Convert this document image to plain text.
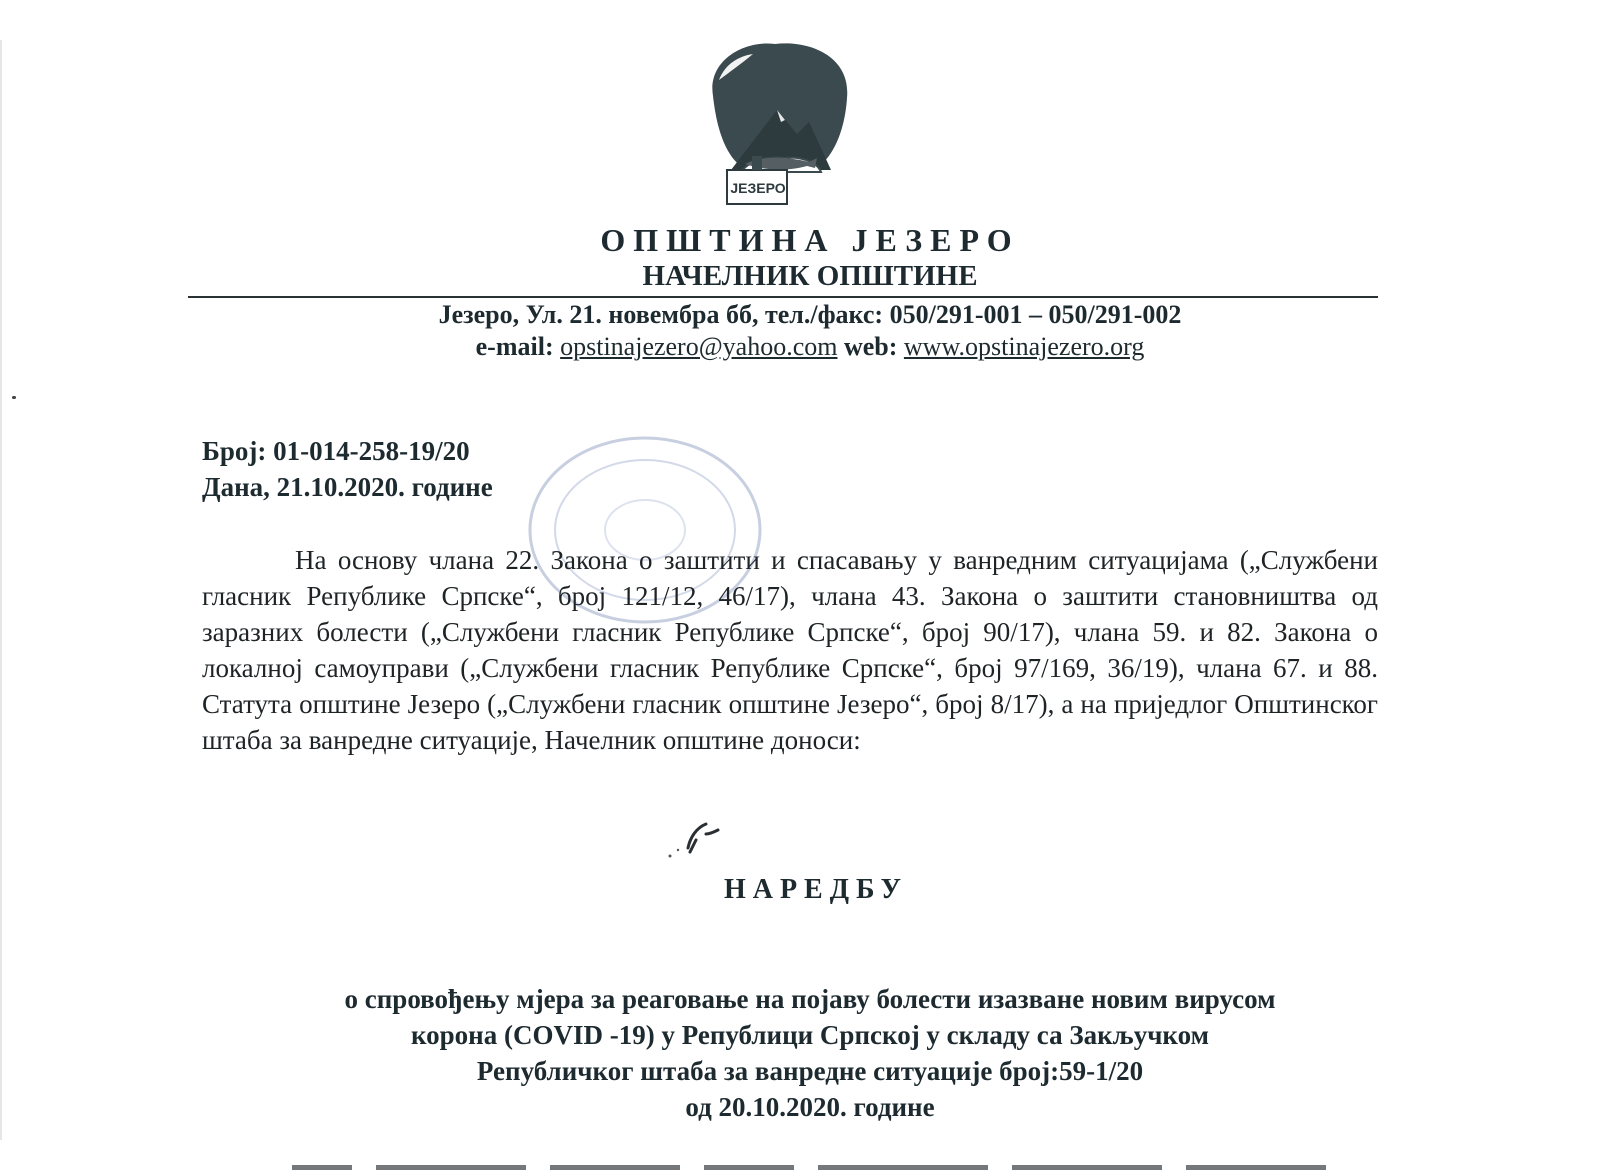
ЈЕЗЕРО
ОПШТИНА ЈЕЗЕРО
НАЧЕЛНИК ОПШТИНЕ
Језеро, Ул. 21. новембра бб, тел./факс: 050/291-001 – 050/291-002
e-mail: opstinajezero@yahoo.com web: www.opstinajezero.org
Број: 01-014-258-19/20
Дана, 21.10.2020. године

На основу члана 22. Закона о заштити и спасавању у ванредним ситуацијама („Службени гласник Републике Српске“, број 121/12, 46/17), члана 43. Закона о заштити становништва од заразних болести („Службени гласник Републике Српске“, број 90/17), члана 59. и 82. Закона о локалној самоуправи („Службени гласник Републике Српске“, број 97/169, 36/19), члана 67. и 88. Статута општине Језеро („Службени гласник општине Језеро“, број 8/17), а на приједлог Општинског штаба за ванредне ситуације, Начелник општине доноси:

НАРЕДБУ
о спровођењу мјера за реаговање на појаву болести изазване новим вирусом
корона (COVID -19) у Републици Српској у складу са Закључком
Републичког штаба за ванредне ситуације број:59-1/20
од 20.10.2020. године
